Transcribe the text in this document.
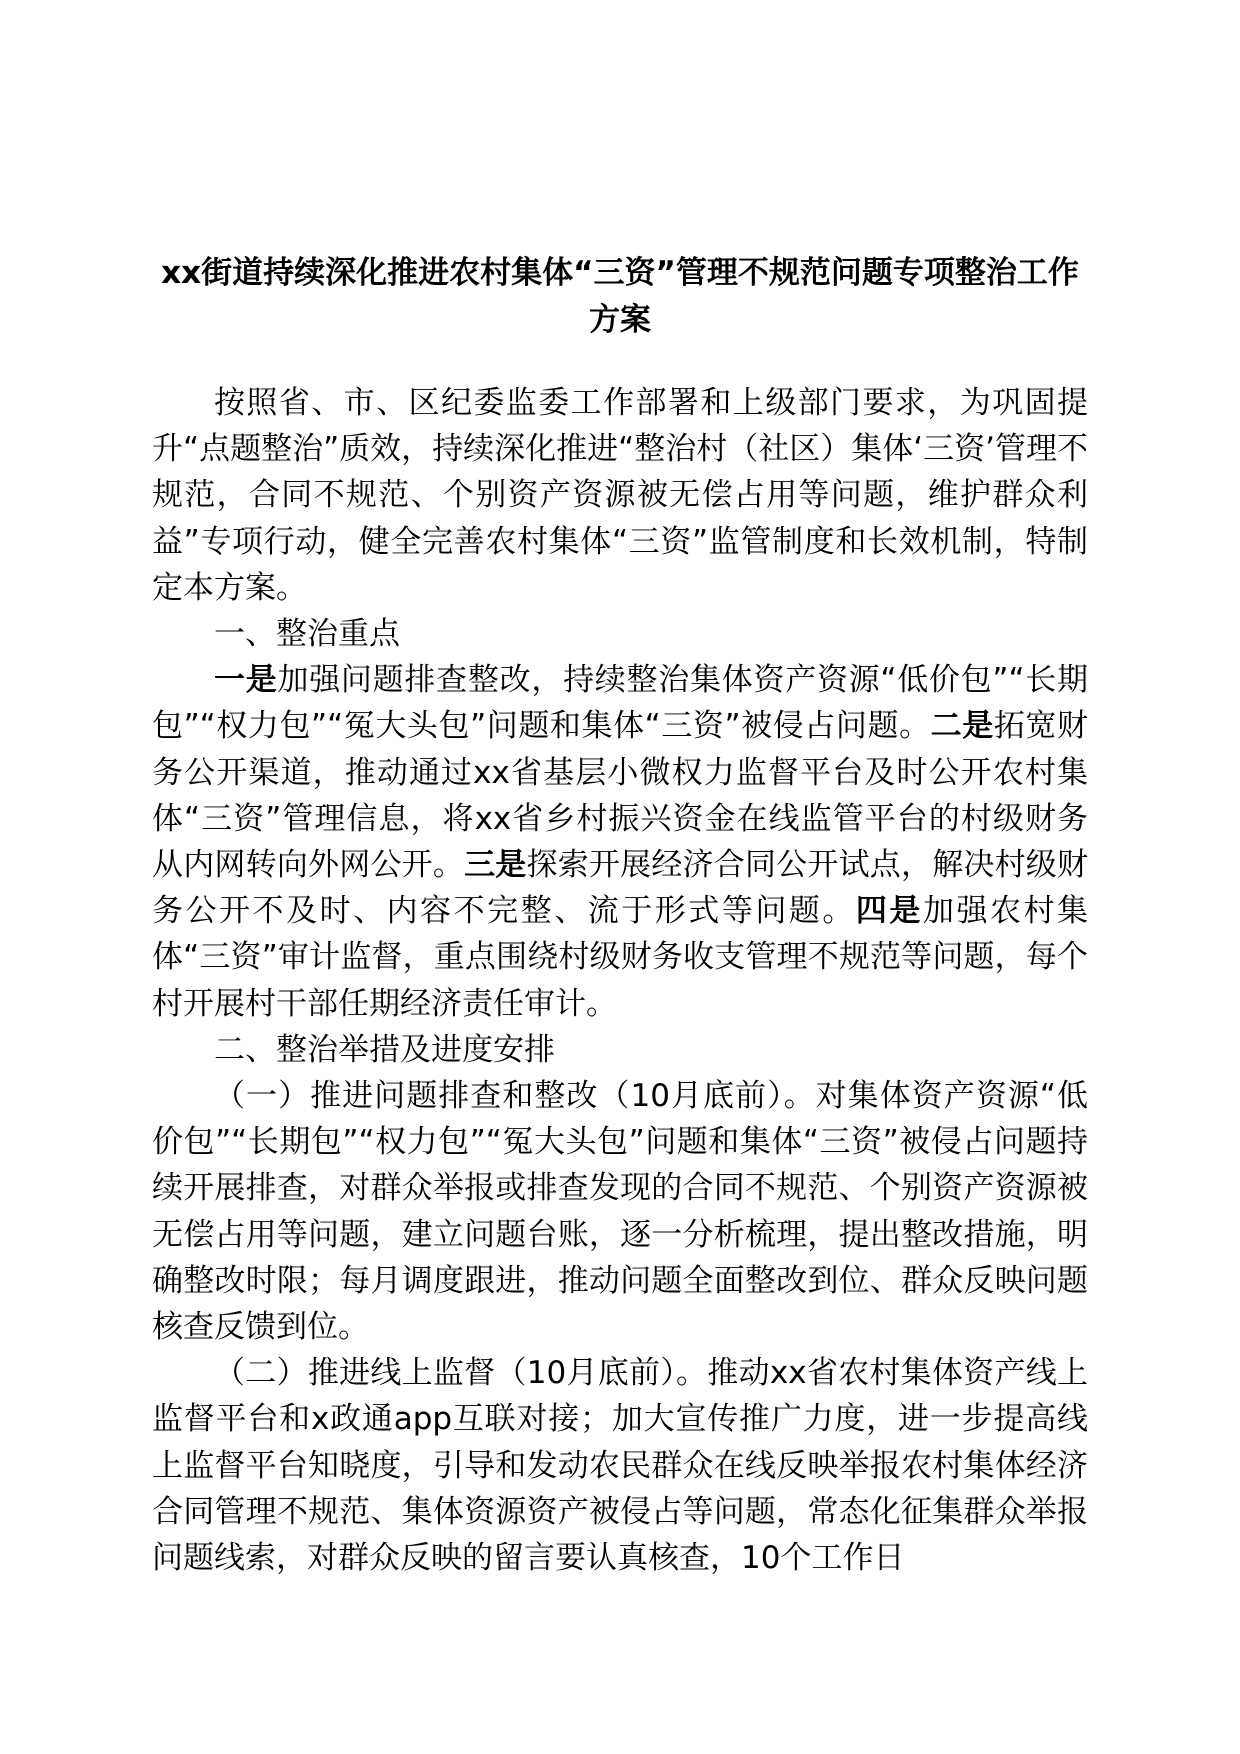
xx街道持续深化推进农村集体“三资”管理不规范问题专项整治工作方案

按照省、市、区纪委监委工作部署和上级部门要求，为巩固提升“点题整治”质效，持续深化推进“整治村（社区）集体‘三资’管理不规范，合同不规范、个别资产资源被无偿占用等问题，维护群众利益”专项行动，健全完善农村集体“三资”监管制度和长效机制，特制定本方案。

一、整治重点

一是加强问题排查整改，持续整治集体资产资源“低价包”“长期包”“权力包”“冤大头包”问题和集体“三资”被侵占问题。二是拓宽财务公开渠道，推动通过xx省基层小微权力监督平台及时公开农村集体“三资”管理信息，将xx省乡村振兴资金在线监管平台的村级财务从内网转向外网公开。三是探索开展经济合同公开试点，解决村级财务公开不及时、内容不完整、流于形式等问题。四是加强农村集体“三资”审计监督，重点围绕村级财务收支管理不规范等问题，每个村开展村干部任期经济责任审计。

二、整治举措及进度安排

（一）推进问题排查和整改（10月底前）。对集体资产资源“低价包”“长期包”“权力包”“冤大头包”问题和集体“三资”被侵占问题持续开展排查，对群众举报或排查发现的合同不规范、个别资产资源被无偿占用等问题，建立问题台账，逐一分析梳理，提出整改措施，明确整改时限；每月调度跟进，推动问题全面整改到位、群众反映问题核查反馈到位。

（二）推进线上监督（10月底前）。推动xx省农村集体资产线上监督平台和x政通app互联对接；加大宣传推广力度，进一步提高线上监督平台知晓度，引导和发动农民群众在线反映举报农村集体经济合同管理不规范、集体资源资产被侵占等问题，常态化征集群众举报问题线索，对群众反映的留言要认真核查，10个工作日
